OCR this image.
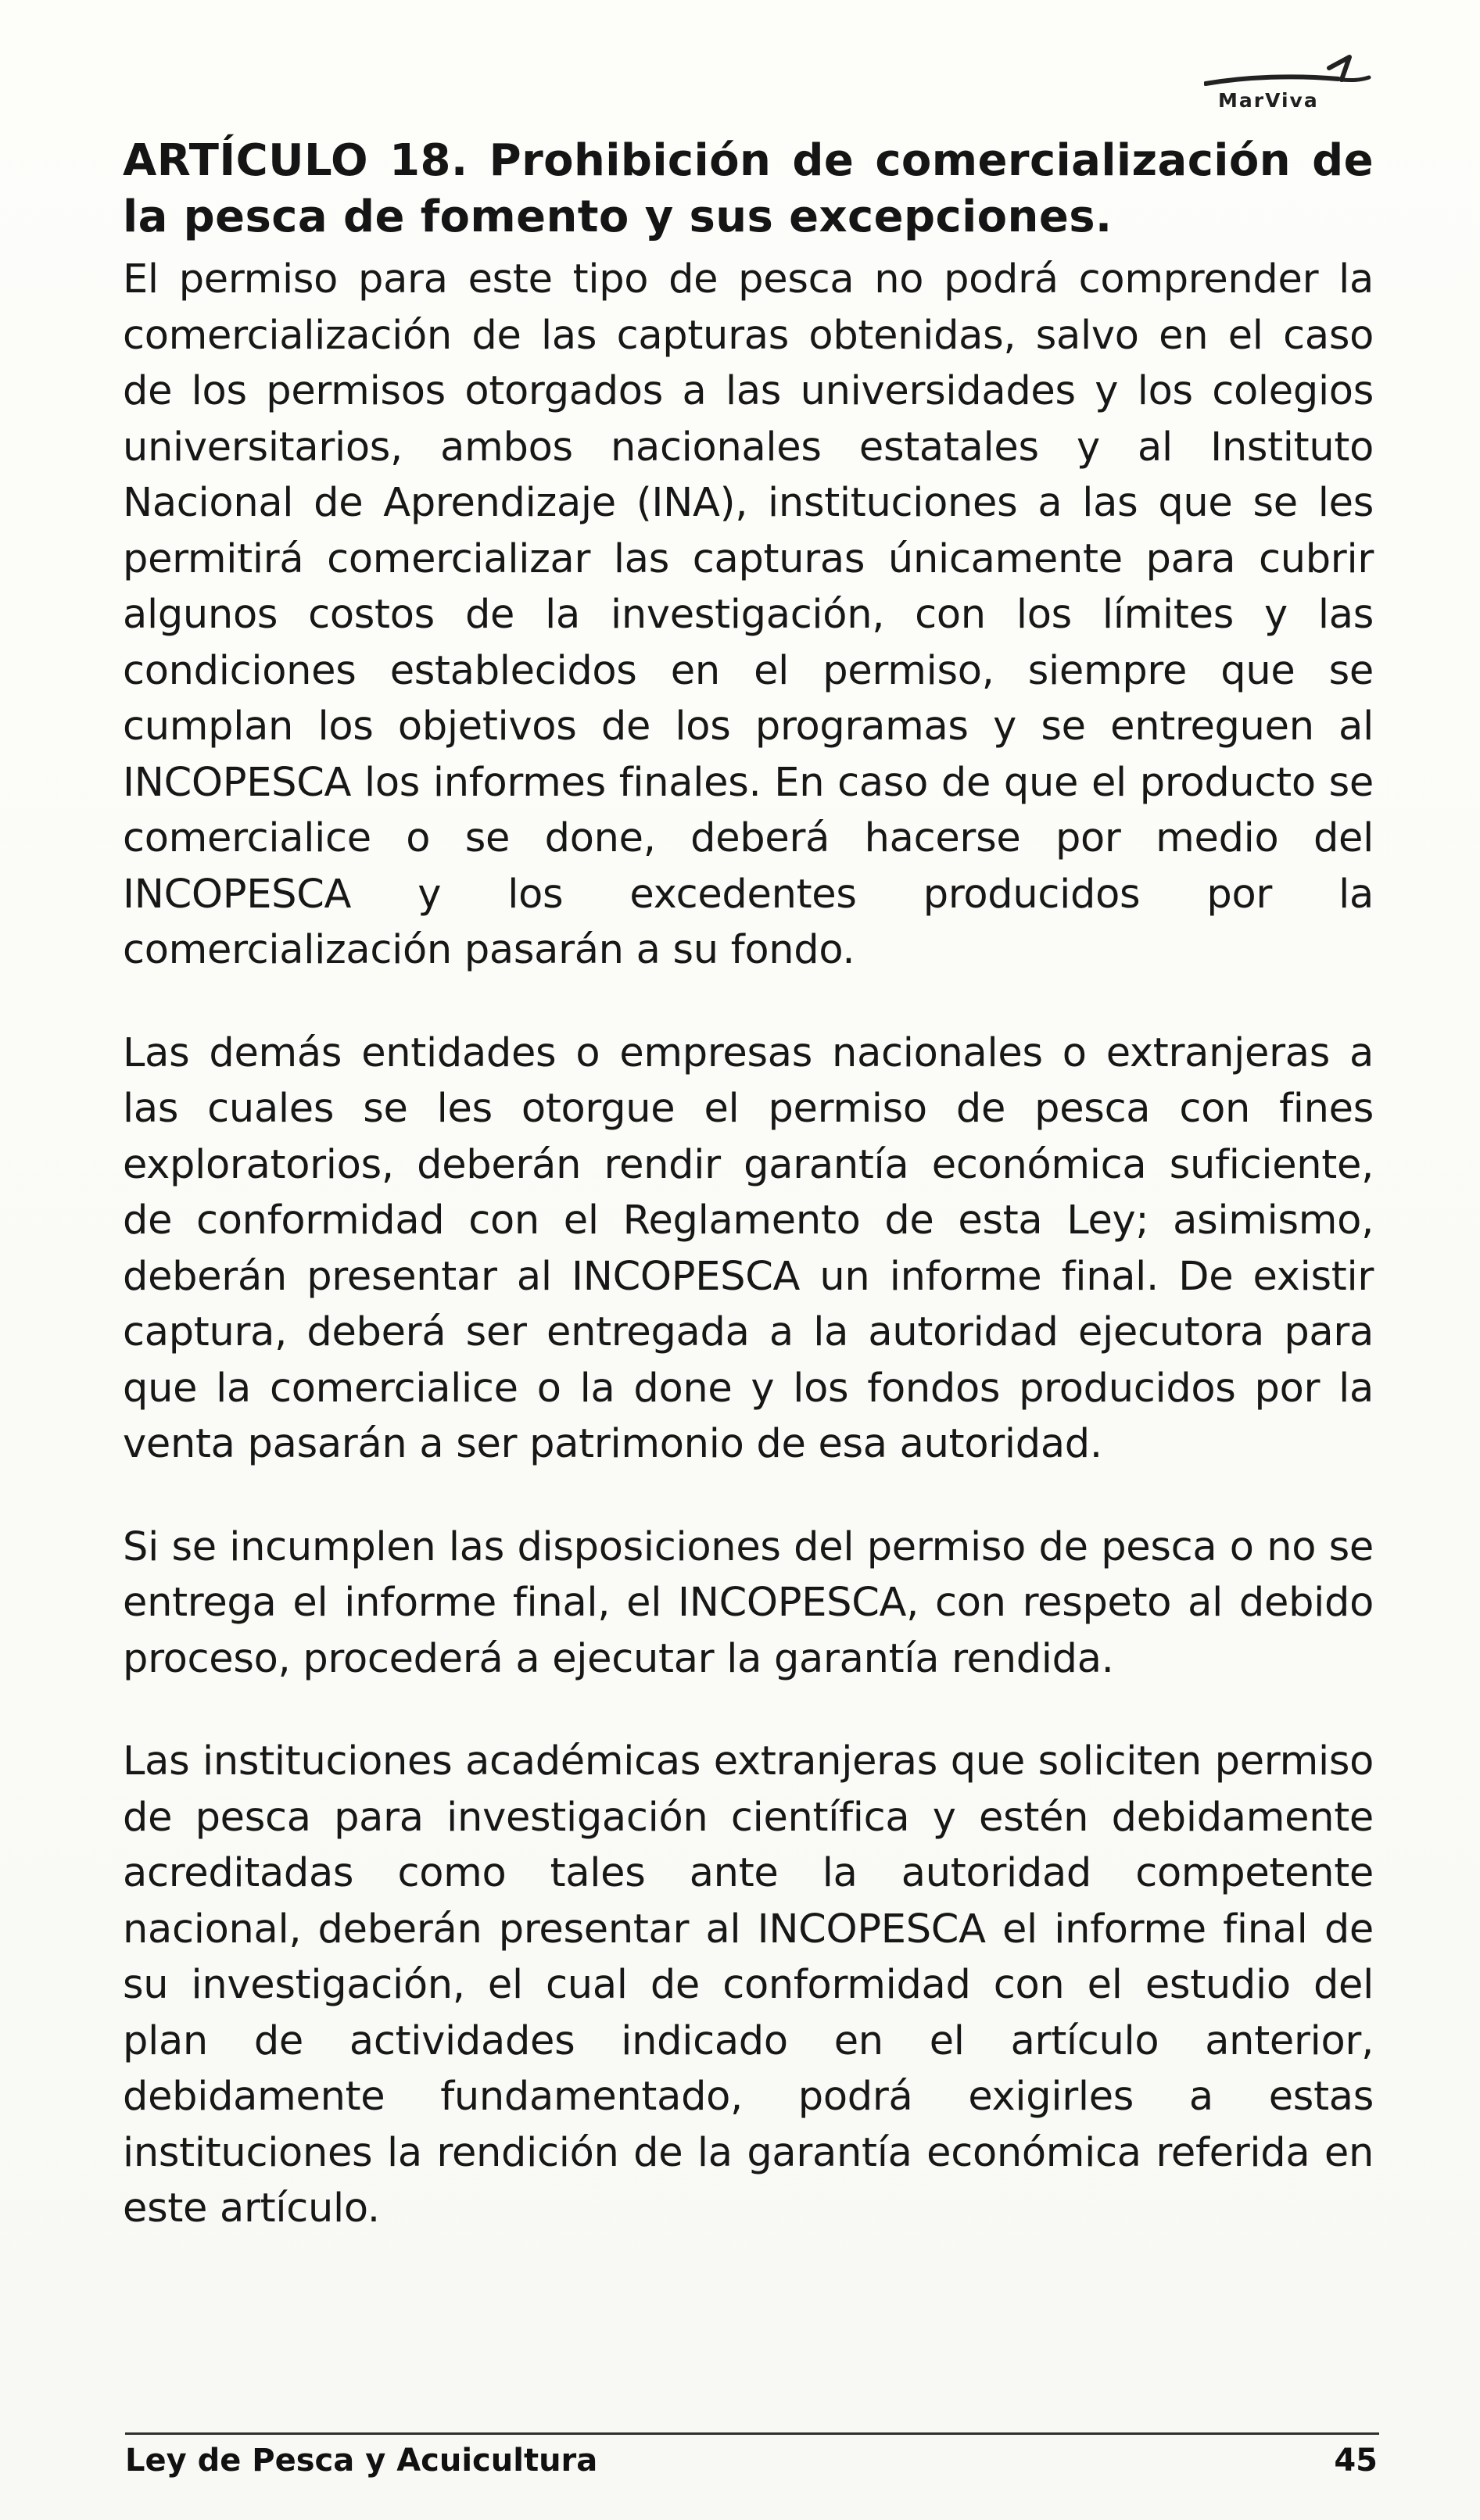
MarViva
ARTÍCULO 18. Prohibición de comercialización de la pesca de fomento y sus excepciones.

El permiso para este tipo de pesca no podrá comprender la comercialización de las capturas obtenidas, salvo en el caso de los permisos otorgados a las universidades y los colegios universitarios, ambos nacionales estatales y al Instituto Nacional de Aprendizaje (INA), instituciones a las que se les permitirá comercializar las capturas únicamente para cubrir algunos costos de la investigación, con los límites y las condiciones establecidos en el permiso, siempre que se cumplan los objetivos de los programas y se entreguen al INCOPESCA los informes finales. En caso de que el producto se comercialice o se done, deberá hacerse por medio del INCOPESCA y los excedentes producidos por la comercialización pasarán a su fondo.

Las demás entidades o empresas nacionales o extranjeras a las cuales se les otorgue el permiso de pesca con fines exploratorios, deberán rendir garantía económica suficiente, de conformidad con el Reglamento de esta Ley; asimismo, deberán presentar al INCOPESCA un informe final. De existir captura, deberá ser entregada a la autoridad ejecutora para que la comercialice o la done y los fondos producidos por la venta pasarán a ser patrimonio de esa autoridad.

Si se incumplen las disposiciones del permiso de pesca o no se entrega el informe final, el INCOPESCA, con respeto al debido proceso, procederá a ejecutar la garantía rendida.

Las instituciones académicas extranjeras que soliciten permiso de pesca para investigación científica y estén debidamente acreditadas como tales ante la autoridad competente nacional, deberán presentar al INCOPESCA el informe final de su investigación, el cual de conformidad con el estudio del plan de actividades indicado en el artículo anterior, debidamente fundamentado, podrá exigirles a estas instituciones la rendición de la garantía económica referida en este artículo.

Ley de Pesca y Acuicultura	45
